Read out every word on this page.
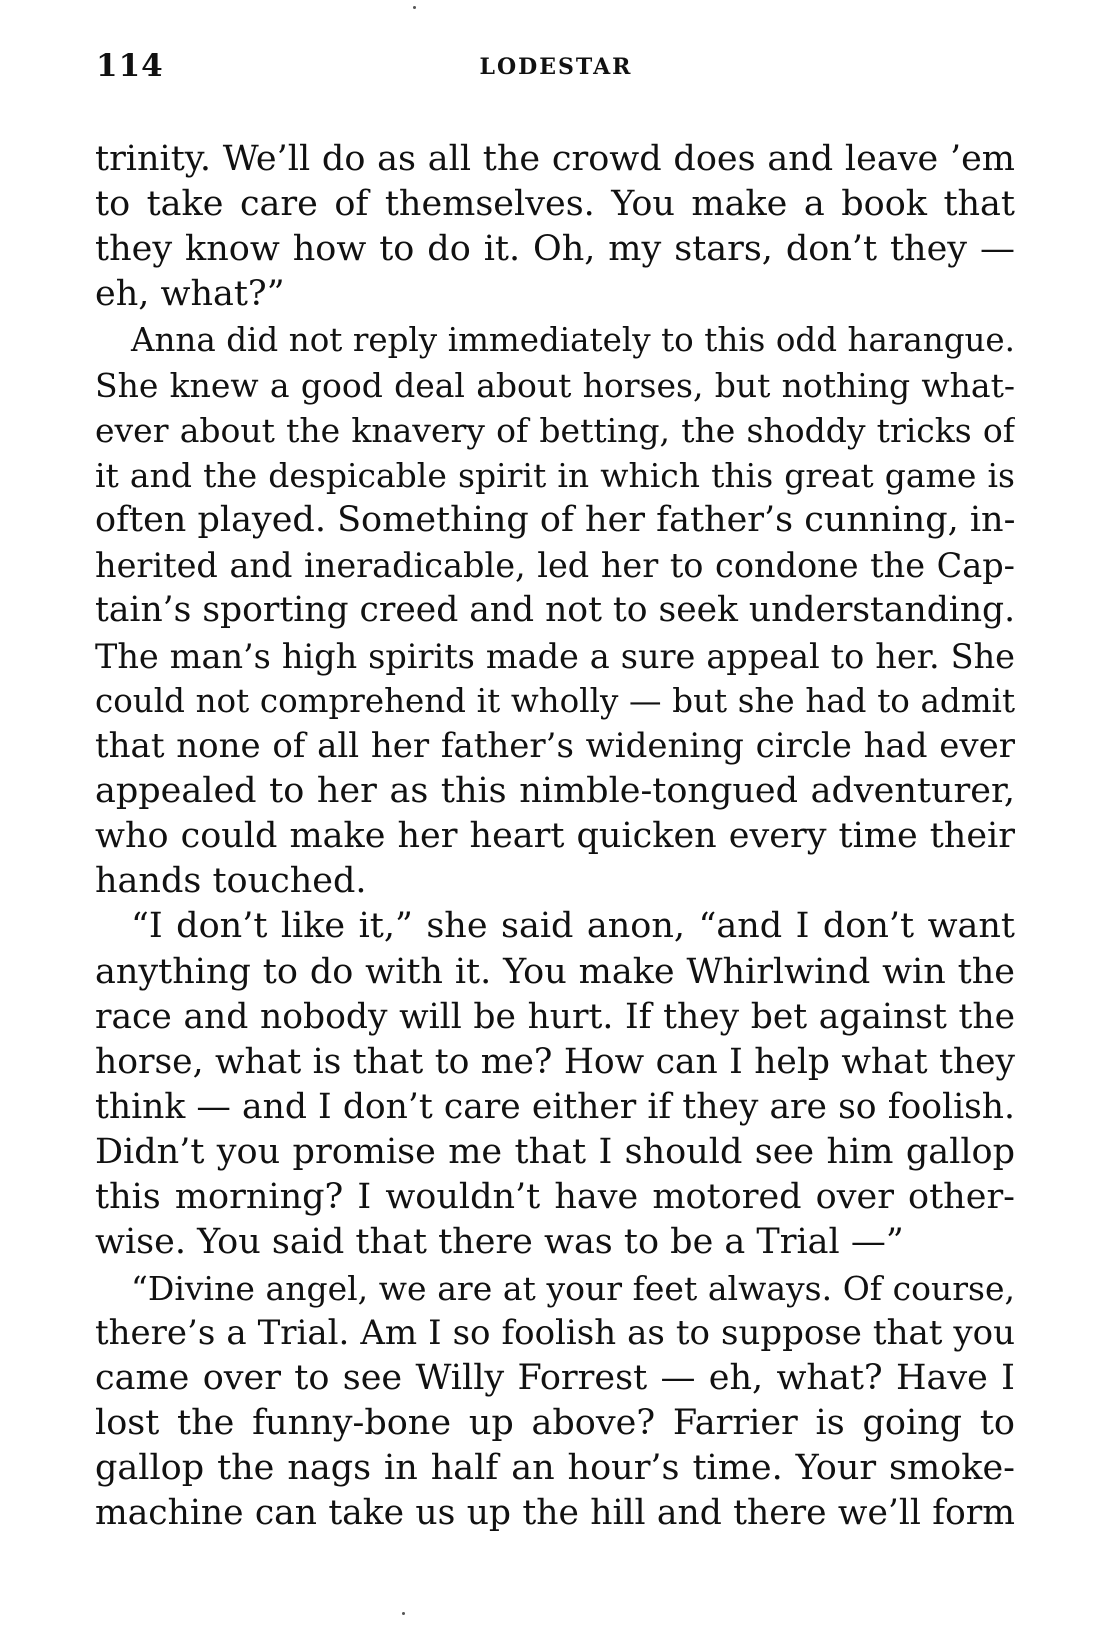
114	LODESTAR
trinity. We’ll do as all the crowd does and leave ’em
to take care of themselves. You make a book that
they know how to do it. Oh, my stars, don’t they —
eh, what?”
Anna did not reply immediately to this odd harangue.
She knew a good deal about horses, but nothing what-
ever about the knavery of betting, the shoddy tricks of
it and the despicable spirit in which this great game is
often played. Something of her father’s cunning, in-
herited and ineradicable, led her to condone the Cap-
tain’s sporting creed and not to seek understanding.
The man’s high spirits made a sure appeal to her. She
could not comprehend it wholly — but she had to admit
that none of all her father’s widening circle had ever
appealed to her as this nimble-tongued adventurer,
who could make her heart quicken every time their
hands touched.
“I don’t like it,” she said anon, “and I don’t want
anything to do with it. You make Whirlwind win the
race and nobody will be hurt. If they bet against the
horse, what is that to me? How can I help what they
think — and I don’t care either if they are so foolish.
Didn’t you promise me that I should see him gallop
this morning? I wouldn’t have motored over other-
wise. You said that there was to be a Trial —”
“Divine angel, we are at your feet always. Of course,
there’s a Trial. Am I so foolish as to suppose that you
came over to see Willy Forrest — eh, what? Have I
lost the funny-bone up above? Farrier is going to
gallop the nags in half an hour’s time. Your smoke-
machine can take us up the hill and there we’ll form
